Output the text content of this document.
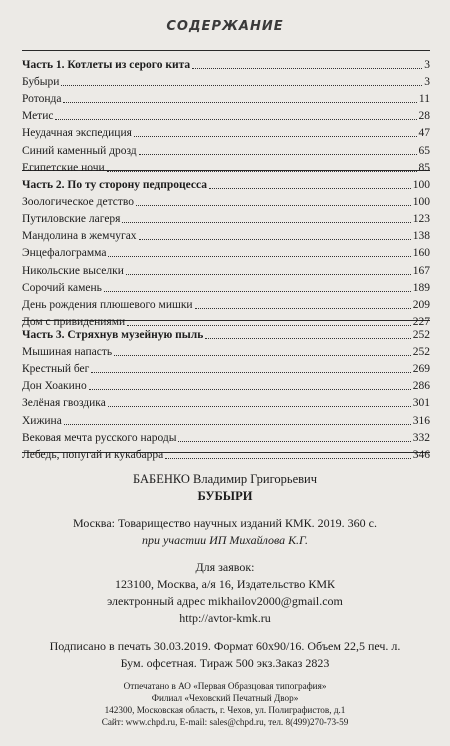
СОДЕРЖАНИЕ
Часть 1. Котлеты из серого кита	3
Бубыри	3
Ротонда	11
Метис	28
Неудачная экспедиция	47
Синий каменный дрозд	65
Египетские ночи	85
Часть 2. По ту сторону педпроцесса	100
Зоологическое детство	100
Путиловские лагеря	123
Мандолина в жемчугах	138
Энцефалограмма	160
Никольские выселки	167
Сорочий камень	189
День рождения плюшевого мишки	209
Дом с привидениями	227
Часть 3. Стряхнув музейную пыль	252
Мышиная напасть	252
Крестный бег	269
Дон Хоакино	286
Зелёная гвоздика	301
Хижина	316
Вековая мечта русского народы	332
Лебедь, попугай и кукабарра	346
БАБЕНКО Владимир Григорьевич
БУБЫРИ
Москва: Товарищество научных изданий КМК. 2019. 360 с.
при участии ИП Михайлова К.Г.
Для заявок:
123100, Москва, а/я 16, Издательство КМК
электронный адрес mikhailov2000@gmail.com
http://avtor-kmk.ru
Подписано в печать 30.03.2019. Формат 60х90/16. Объем 22,5 печ. л.
Бум. офсетная. Тираж 500 экз.Заказ 2823
Отпечатано в АО «Первая Образцовая типография»
Филиал «Чеховский Печатный Двор»
142300, Московская область, г. Чехов, ул. Полиграфистов, д.1
Сайт: www.chpd.ru, E-mail: sales@chpd.ru, тел. 8(499)270-73-59
